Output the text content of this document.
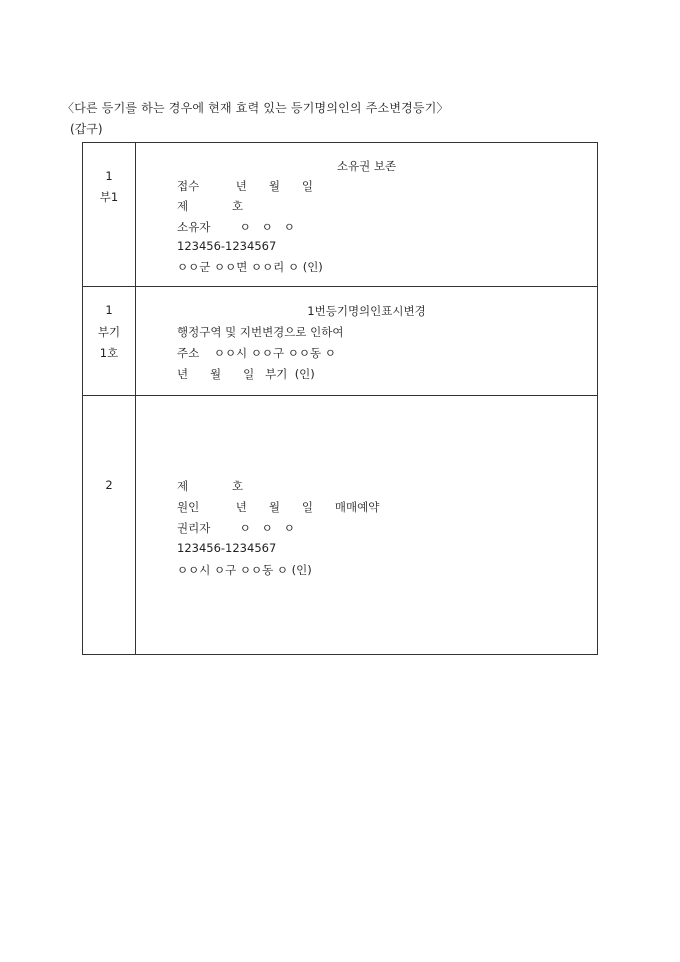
〈다른 등기를 하는 경우에 현재 효력 있는 등기명의인의 주소변경등기〉
(갑구)
1
부1
소유권 보존
접수          년      월      일
제            호
소유자        ㅇ   ㅇ   ㅇ
123456-1234567
ㅇㅇ군 ㅇㅇ면 ㅇㅇ리 ㅇ (인)
1
부기
1호
1번등기명의인표시변경
행정구역 및 지번변경으로 인하여
주소    ㅇㅇ시 ㅇㅇ구 ㅇㅇ동 ㅇ
년      월      일   부기  (인)
2	제            호
원인          년      월      일      매매예약
권리자        ㅇ   ㅇ   ㅇ
123456-1234567
ㅇㅇ시 ㅇ구 ㅇㅇ동 ㅇ (인)
